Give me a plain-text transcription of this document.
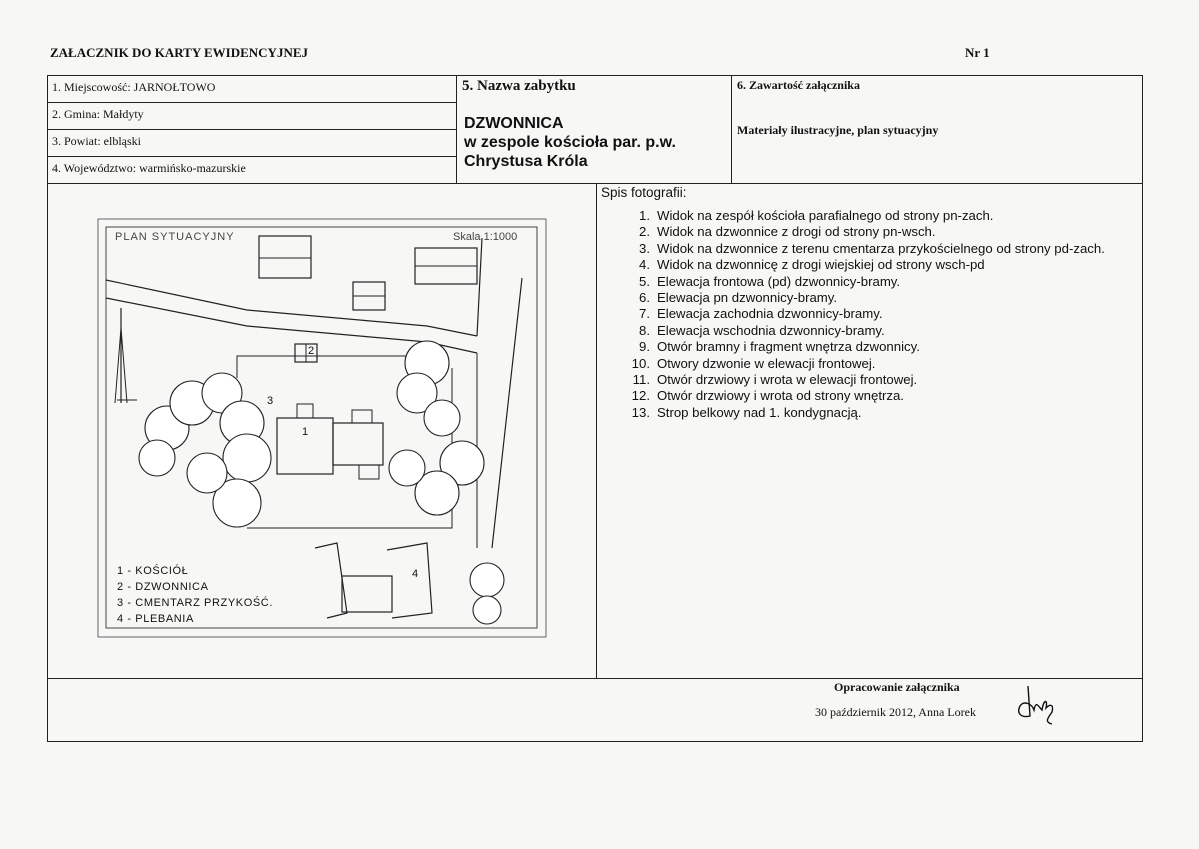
ZAŁACZNIK DO KARTY EWIDENCYJNEJ	Nr 1
1. Miejscowość: JARNOŁTOWO
2. Gmina: Małdyty
3. Powiat: elbląski
4. Województwo: warmińsko-mazurskie
5. Nazwa zabytku
DZWONNICA
w zespole kościoła par. p.w.
Chrystusa Króla
6. Zawartość załącznika
Materiały ilustracyjne, plan sytuacyjny
Spis fotografii:
1. Widok na zespół kościoła parafialnego od strony pn-zach.
2. Widok na dzwonnice z drogi od strony pn-wsch.
3. Widok na dzwonnice z terenu cmentarza przykościelnego od strony pd-zach.
4. Widok na dzwonnicę z drogi wiejskiej od strony wsch-pd
5. Elewacja frontowa (pd) dzwonnicy-bramy.
6. Elewacja pn dzwonnicy-bramy.
7. Elewacja zachodnia dzwonnicy-bramy.
8. Elewacja wschodnia dzwonnicy-bramy.
9. Otwór bramny i fragment wnętrza dzwonnicy.
10. Otwory dzwonie w elewacji frontowej.
11. Otwór drzwiowy i wrota w elewacji frontowej.
12. Otwór drzwiowy i wrota od strony wnętrza.
13. Strop belkowy nad 1. kondygnacją.
PLAN SYTUACYJNY	Skala 1:1000
1
2
3
4
1 - KOŚCIÓŁ
2 - DZWONNICA
3 - CMENTARZ PRZYKOŚĆ.
4 - PLEBANIA
Opracowanie załącznika
30 październik 2012, Anna Lorek
